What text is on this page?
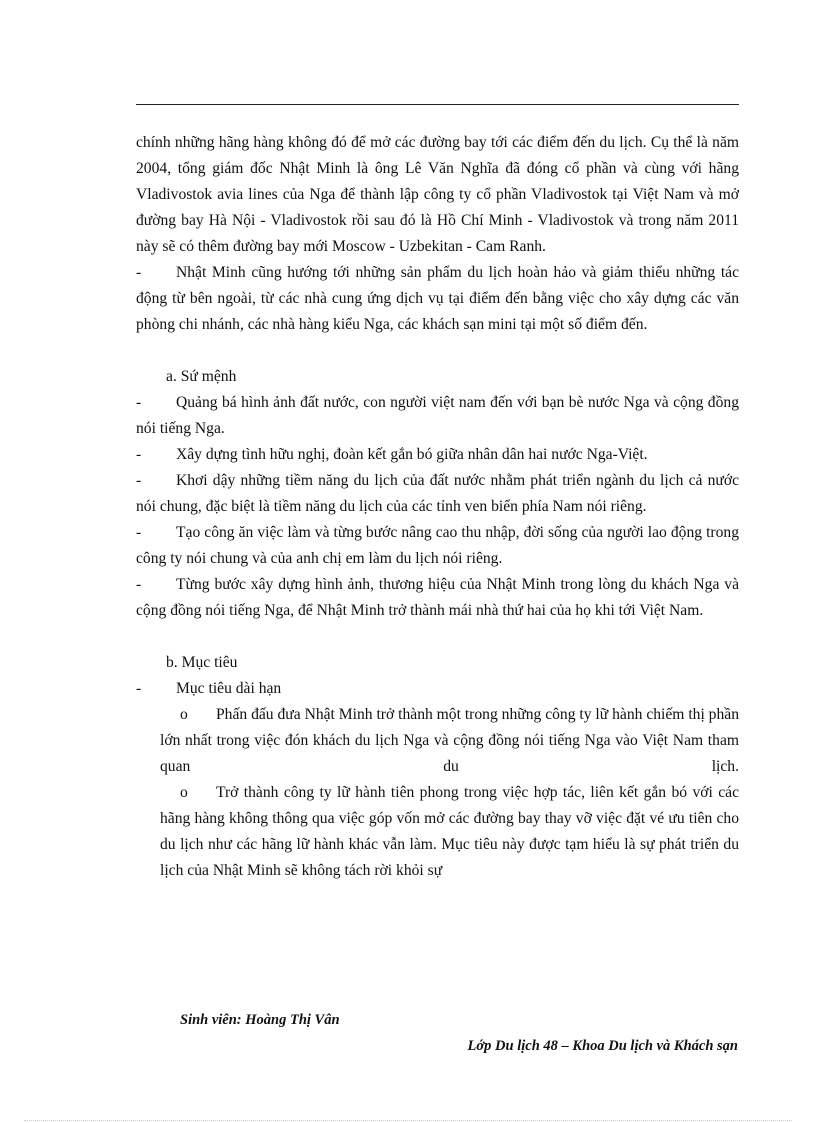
chính những hãng hàng không đó để mở các đường bay tới các điểm đến du lịch. Cụ thể là năm 2004, tổng giám đốc Nhật Minh là ông Lê Văn Nghĩa đã đóng cổ phần và cùng với hãng Vladivostok avia lines của Nga để thành lập công ty cổ phần Vladivostok tại Việt Nam và mở đường bay Hà Nội - Vladivostok rồi sau đó là Hồ Chí Minh - Vladivostok và trong năm 2011 này sẽ có thêm đường bay mới Moscow - Uzbekitan - Cam Ranh.

- Nhật Minh cũng hướng tới những sản phẩm du lịch hoàn hảo và giảm thiểu những tác động từ bên ngoài, từ các nhà cung ứng dịch vụ tại điểm đến bằng việc cho xây dựng các văn phòng chi nhánh, các nhà hàng kiểu Nga, các khách sạn mini tại một số điểm đến.

a. Sứ mệnh

- Quảng bá hình ảnh đất nước, con người việt nam đến với bạn bè nước Nga và cộng đồng nói tiếng Nga.

- Xây dựng tình hữu nghị, đoàn kết gắn bó giữa nhân dân hai nước Nga-Việt.

- Khơi dậy những tiềm năng du lịch của đất nước nhằm phát triển ngành du lịch cả nước nói chung, đặc biệt là tiềm năng du lịch của các tỉnh ven biển phía Nam nói riêng.

- Tạo công ăn việc làm và từng bước nâng cao thu nhập, đời sống của người lao động trong công ty nói chung và của anh chị em làm du lịch nói riêng.

- Từng bước xây dựng hình ảnh, thương hiệu của Nhật Minh trong lòng du khách Nga và cộng đồng nói tiếng Nga, để Nhật Minh trở thành mái nhà thứ hai của họ khi tới Việt Nam.

b. Mục tiêu

- Mục tiêu dài hạn

o Phấn đấu đưa Nhật Minh trở thành một trong những công ty lữ hành chiếm thị phần lớn nhất trong việc đón khách du lịch Nga và cộng đồng nói tiếng Nga vào Việt Nam tham quan du lịch.

o Trở thành công ty lữ hành tiên phong trong việc hợp tác, liên kết gắn bó với các hãng hàng không thông qua việc góp vốn mở các đường bay thay vỡ việc đặt vé ưu tiên cho du lịch như các hãng lữ hành khác vẫn làm. Mục tiêu này được tạm hiểu là sự phát triển du lịch của Nhật Minh sẽ không tách rời khỏi sự

Sinh viên: Hoàng Thị Vân
Lớp Du lịch 48 – Khoa Du lịch và Khách sạn
